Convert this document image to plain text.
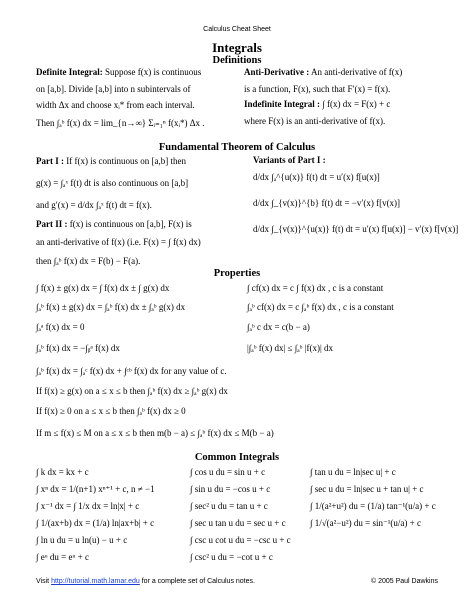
Calculus Cheat Sheet
Integrals
Definitions
Definite Integral: Suppose f(x) is continuous
on [a,b]. Divide [a,b] into n subintervals of
width Δx and choose xᵢ* from each interval.
Then ∫ₐᵇ f(x) dx = lim_{n→∞} Σᵢ₌₁ⁿ f(xᵢ*) Δx .
Anti-Derivative : An anti-derivative of f(x)
is a function, F(x), such that F′(x) = f(x).
Indefinite Integral : ∫ f(x) dx = F(x) + c
where F(x) is an anti-derivative of f(x).
Fundamental Theorem of Calculus
Part I : If f(x) is continuous on [a,b] then
g(x) = ∫ₐˣ f(t) dt is also continuous on [a,b]
and g′(x) = d/dx ∫ₐˣ f(t) dt = f(x).
Part II : f(x) is continuous on [a,b], F(x) is
an anti-derivative of f(x) (i.e. F(x) = ∫ f(x) dx)
then ∫ₐᵇ f(x) dx = F(b) − F(a).
Variants of Part I :
d/dx ∫ₐ^{u(x)} f(t) dt = u′(x) f[u(x)]
d/dx ∫_{v(x)}^{b} f(t) dt = −v′(x) f[v(x)]
d/dx ∫_{v(x)}^{u(x)} f(t) dt = u′(x) f[u(x)] − v′(x) f[v(x)]
Properties
∫ f(x) ± g(x) dx = ∫ f(x) dx ± ∫ g(x) dx
∫ₐᵇ f(x) ± g(x) dx = ∫ₐᵇ f(x) dx ± ∫ₐᵇ g(x) dx
∫ₐᵃ f(x) dx = 0
∫ₐᵇ f(x) dx = −∫ᵦᵃ f(x) dx
∫ cf(x) dx = c ∫ f(x) dx , c is a constant
∫ₐᵇ cf(x) dx = c ∫ₐᵇ f(x) dx , c is a constant
∫ₐᵇ c dx = c(b − a)
|∫ₐᵇ f(x) dx| ≤ ∫ₐᵇ |f(x)| dx
∫ₐᵇ f(x) dx = ∫ₐᶜ f(x) dx + ∫ᶜᵇ f(x) dx for any value of c.
If f(x) ≥ g(x) on a ≤ x ≤ b then ∫ₐᵇ f(x) dx ≥ ∫ₐᵇ g(x) dx
If f(x) ≥ 0 on a ≤ x ≤ b then ∫ₐᵇ f(x) dx ≥ 0
If m ≤ f(x) ≤ M on a ≤ x ≤ b then m(b − a) ≤ ∫ₐᵇ f(x) dx ≤ M(b − a)
Common Integrals
∫ k dx = kx + c
∫ xⁿ dx = 1/(n+1) xⁿ⁺¹ + c, n ≠ −1
∫ x⁻¹ dx = ∫ 1/x dx = ln|x| + c
∫ 1/(ax+b) dx = (1/a) ln|ax+b| + c
∫ ln u du = u ln(u) − u + c
∫ eᵘ du = eᵘ + c
∫ cos u du = sin u + c
∫ sin u du = −cos u + c
∫ sec² u du = tan u + c
∫ sec u tan u du = sec u + c
∫ csc u cot u du = −csc u + c
∫ csc² u du = −cot u + c
∫ tan u du = ln|sec u| + c
∫ sec u du = ln|sec u + tan u| + c
∫ 1/(a²+u²) du = (1/a) tan⁻¹(u/a) + c
∫ 1/√(a²−u²) du = sin⁻¹(u/a) + c
Visit http://tutorial.math.lamar.edu for a complete set of Calculus notes.	© 2005 Paul Dawkins
